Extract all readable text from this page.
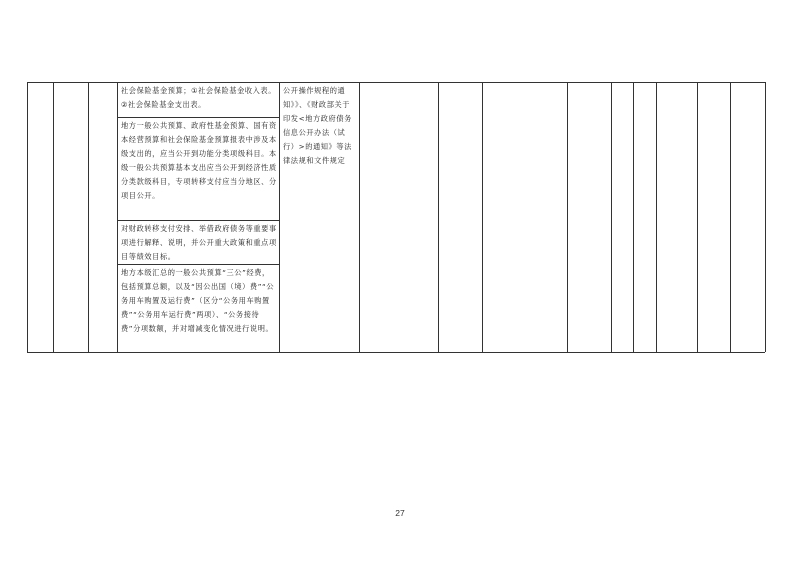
社会保险基金预算；①社会保险基金收入表。②社会保险基金支出表。
地方一般公共预算、政府性基金预算、国有资本经营预算和社会保险基金预算报表中涉及本级支出的，应当公开到功能分类项级科目。本级一般公共预算基本支出应当公开到经济性质分类款级科目，专项转移支付应当分地区、分项目公开。
对财政转移支付安排、举借政府债务等重要事项进行解释、说明，并公开重大政策和重点项目等绩效目标。
地方本级汇总的一般公共预算“三公”经费，包括预算总额，以及“因公出国（境）费”“公务用车购置及运行费”（区分“公务用车购置费”“公务用车运行费”两项）、“公务接待费”分项数额，并对增减变化情况进行说明。
公开操作规程的通知》》、《财政部关于印发<地方政府债务信息公开办法（试行）>的通知》等法律法规和文件规定
27
